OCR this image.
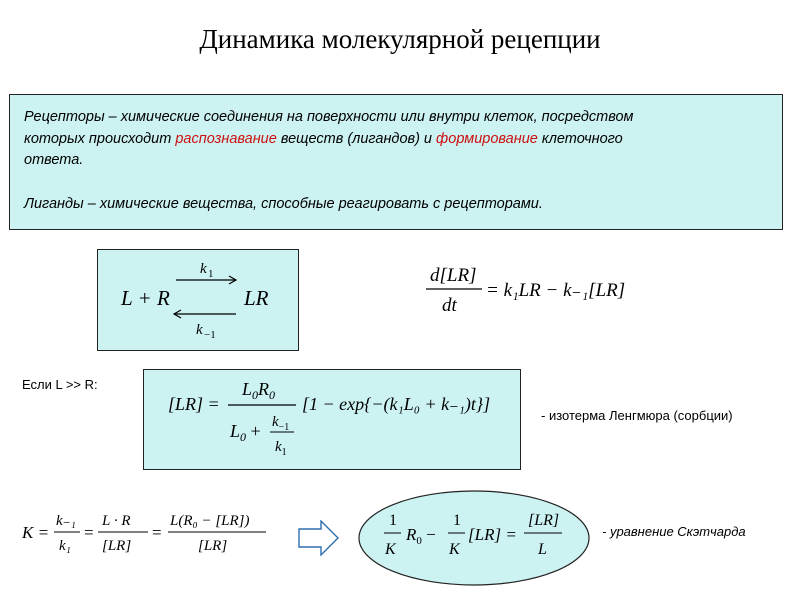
Динамика молекулярной рецепции
Рецепторы – химические соединения на поверхности или внутри клеток, посредством
которых происходит распознавание веществ (лигандов) и формирование клеточного
ответа.
Лиганды – химические вещества, способные реагировать с рецепторами.
L + R	LR
k 1
k −1
d[LR]
dt
= k₁LR − k₋₁[LR]
Если L >> R:
[LR] =
$L_0R_0$
$L_0 + k_{-1}$
$k_1$
[1 − exp{−(k₁L₀ + k₋₁)t}]
- изотерма Ленгмюра (сорбции)
K =
k₋₁
k₁
=
L · R
[LR]
=
L(R₀ − [LR])
[LR]
1
K
$R_0$ −
1
K
[LR] =
[LR]
L
- уравнение Скэтчарда
